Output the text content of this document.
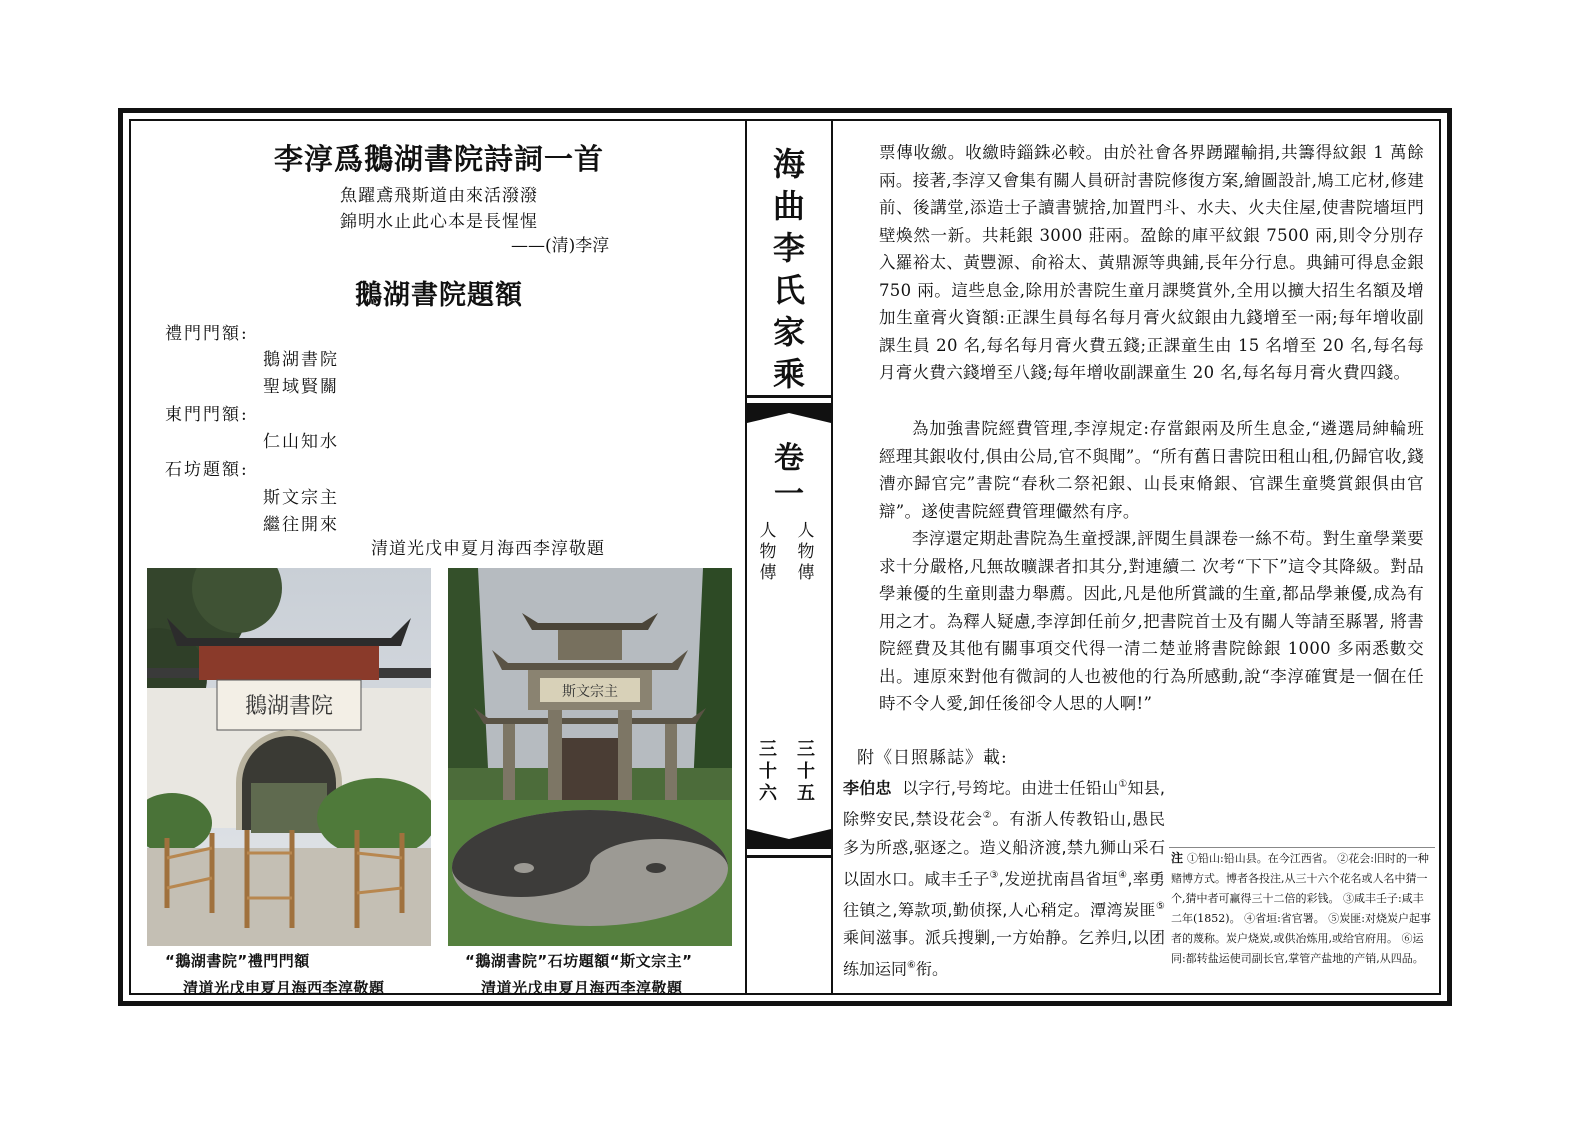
李淳爲鵝湖書院詩詞一首
魚躍鳶飛斯道由來活潑潑
錦明水止此心本是長惺惺
——(清)李淳
鵝湖書院題額
禮門門額:
鵝湖書院
聖域賢關
東門門額:
仁山知水
石坊題額:
斯文宗主
繼往開來
清道光戊申夏月海西李淳敬題
鵝湖書院
斯文宗主
“鵝湖書院”禮門門額
清道光戊申夏月海西李淳敬題
“鵝湖書院”石坊題額“斯文宗主”
清道光戊申夏月海西李淳敬題
海
曲
李
氏
家
乘
卷
一
人
物
傳
人
物
傳
三
十
五
三
十
六

票傳收繳。收繳時錙銖必較。由於社會各界踴躍輸捐,共籌得紋銀 1 萬餘兩。接著,李淳又會集有關人員研討書院修復方案,繪圖設計,鳩工庀材,修建前、後講堂,添造士子讀書號捨,加置門斗、水夫、火夫住屋,使書院墻垣門壁煥然一新。共耗銀 3000 莊兩。盈餘的庫平紋銀 7500 兩,則令分別存入羅裕太、黃豐源、俞裕太、黃鼎源等典鋪,長年分行息。典鋪可得息金銀 750 兩。這些息金,除用於書院生童月課獎賞外,全用以擴大招生名額及增加生童膏火資額:正課生員每名每月膏火紋銀由九錢增至一兩;每年增收副課生員 20 名,每名每月膏火費五錢;正課童生由 15 名增至 20 名,每名每月膏火費六錢增至八錢;每年增收副課童生 20 名,每名每月膏火費四錢。

為加強書院經費管理,李淳規定:存當銀兩及所生息金,“遴選局紳輪班經理其銀收付,俱由公局,官不與聞”。“所有舊日書院田租山租,仍歸官收,錢漕亦歸官完”書院“春秋二祭祀銀、山長束脩銀、官課生童獎賞銀俱由官辯”。遂使書院經費管理儼然有序。

李淳還定期赴書院為生童授課,評閱生員課卷一絲不苟。對生童學業要求十分嚴格,凡無故曠課者扣其分,對連續二 次考“下下”這令其降級。對品學兼優的生童則盡力舉薦。因此,凡是他所賞識的生童,都品學兼優,成為有用之才。為釋人疑慮,李淳卸任前夕,把書院首士及有關人等請至縣署, 將書院經費及其他有關事項交代得一清二楚並將書院餘銀 1000 多兩悉數交出。連原來對他有微詞的人也被他的行為所感動,說“李淳確實是一個在任時不令人愛,卸任後卻令人思的人啊!”

附《日照縣誌》載:

李伯忠 以字行,号筠坨。由进士任铅山①知县,除弊安民,禁设花会②。有浙人传教铅山,愚民多为所惑,驱逐之。造义船济渡,禁九狮山采石以固水口。咸丰壬子③,发逆扰南昌省垣④,率勇往镇之,筹款项,勤侦探,人心稍定。潭湾炭匪⑤乘间滋事。派兵搜剿,一方始静。乞养归,以团练加运同⑥衔。

注 ①铅山:铅山县。在今江西省。 ②花会:旧时的一种赌博方式。博者各投注,从三十六个花名或人名中猜一个,猜中者可赢得三十二倍的彩钱。 ③咸丰壬子:咸丰二年(1852)。 ④省垣:省官署。 ⑤炭匪:对烧炭户起事者的蔑称。炭户烧炭,或供冶炼用,或给官府用。 ⑥运同:都转盐运使司副长官,掌管产盐地的产销,从四品。
